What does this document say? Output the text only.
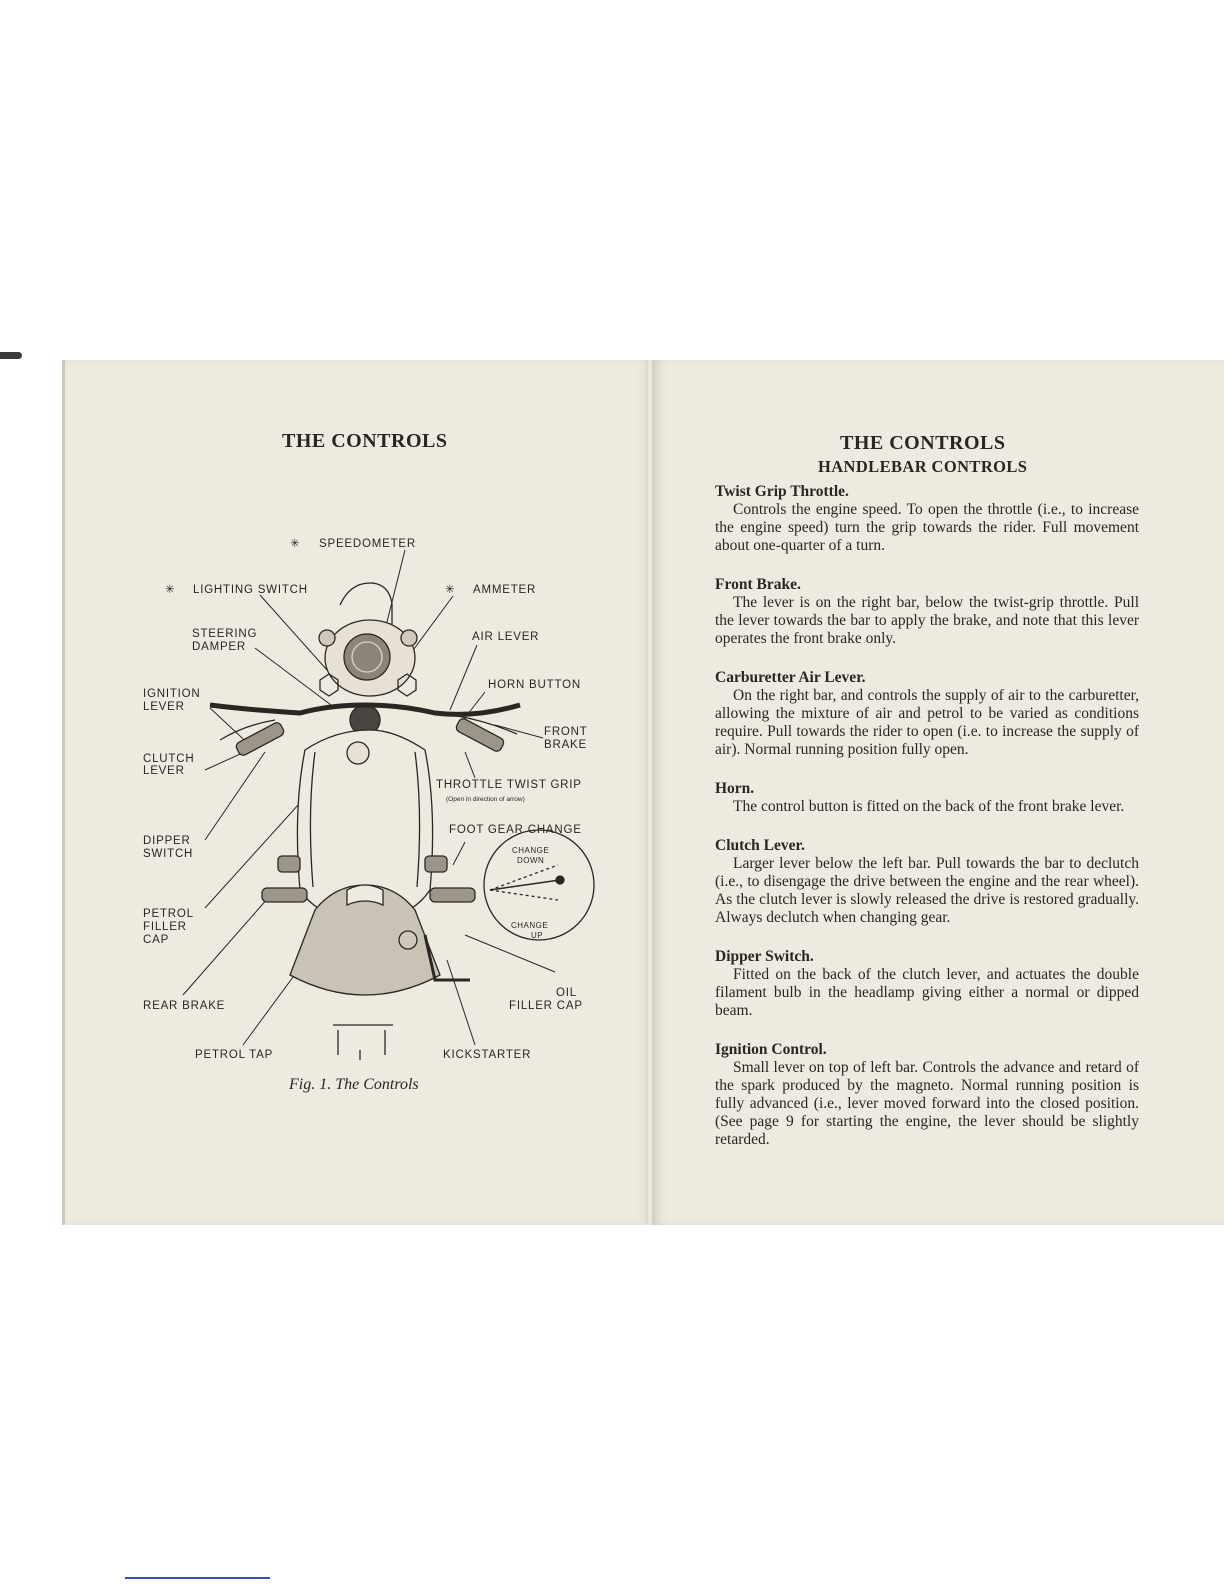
THE CONTROLS
✳ SPEEDOMETER
✳ LIGHTING SWITCH	✳ AMMETER
STEERING
DAMPER
AIR LEVER
IGNITION
LEVER
HORN BUTTON
FRONT
BRAKE
CLUTCH
LEVER
THROTTLE TWIST GRIP
(Open in direction of arrow)
FOOT GEAR CHANGE
CHANGE
DOWN
DIPPER
SWITCH
CHANGE
UP
PETROL
FILLER
CAP
OIL
FILLER CAP
REAR BRAKE
PETROL TAP	KICKSTARTER
Fig. 1. The Controls
THE CONTROLS
HANDLEBAR CONTROLS
Twist Grip Throttle.

Controls the engine speed. To open the throttle (i.e., to increase the engine speed) turn the grip towards the rider. Full movement about one-quarter of a turn.

Front Brake.

The lever is on the right bar, below the twist-grip throttle. Pull the lever towards the bar to apply the brake, and note that this lever operates the front brake only.

Carburetter Air Lever.

On the right bar, and controls the supply of air to the carburetter, allowing the mixture of air and petrol to be varied as conditions require. Pull towards the rider to open (i.e. to increase the supply of air). Normal running position fully open.

Horn.

The control button is fitted on the back of the front brake lever.

Clutch Lever.

Larger lever below the left bar. Pull towards the bar to declutch (i.e., to disengage the drive between the engine and the rear wheel). As the clutch lever is slowly released the drive is restored gradually. Always declutch when changing gear.

Dipper Switch.

Fitted on the back of the clutch lever, and actuates the double filament bulb in the headlamp giving either a normal or dipped beam.

Ignition Control.

Small lever on top of left bar. Controls the advance and retard of the spark produced by the magneto. Normal running position is fully advanced (i.e., lever moved forward into the closed position. (See page 9 for starting the engine, the lever should be slightly retarded.
